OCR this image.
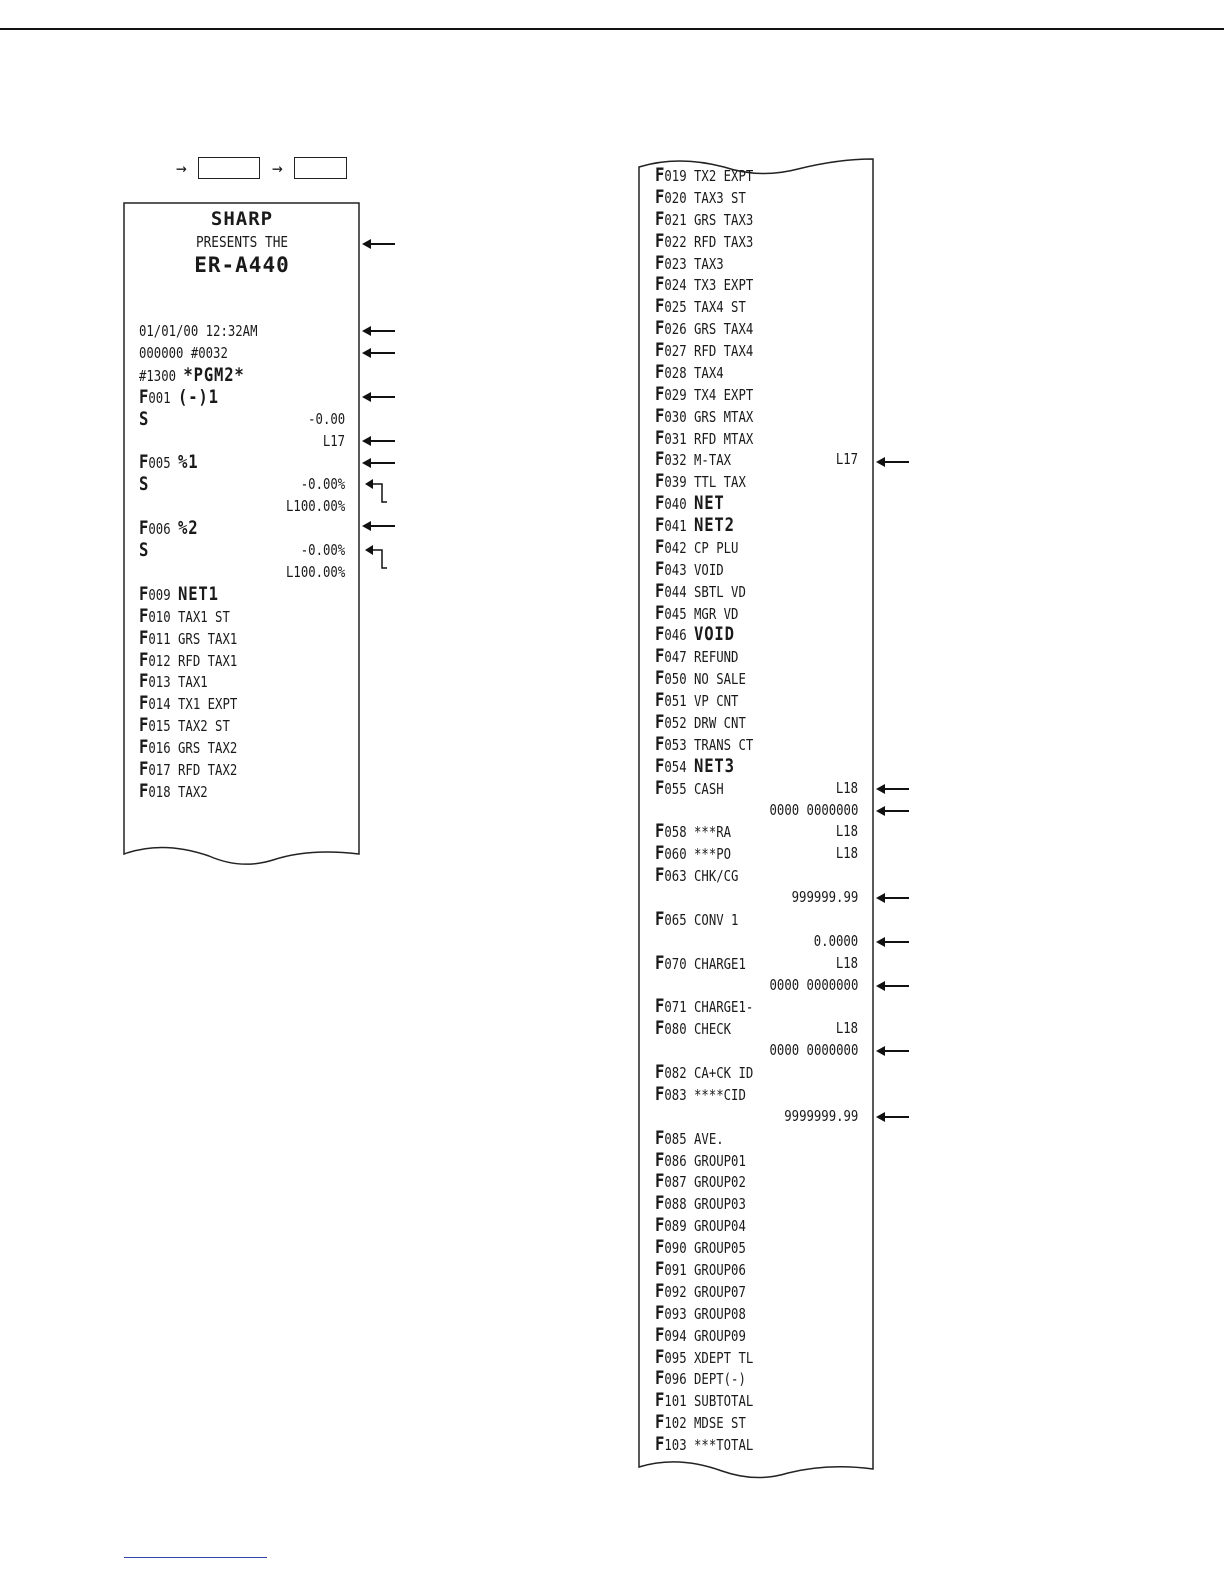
→	→
SHARP
PRESENTS THE
ER-A440
01/01/00 12:32AM
000000 #0032
#1300 *PGM2*
F001 (-)1
S	-0.00
L17
F005 %1
S	-0.00%
L100.00%
F006 %2
S	-0.00%
L100.00%
F009 NET1
F010 TAX1 ST
F011 GRS TAX1
F012 RFD TAX1
F013 TAX1
F014 TX1 EXPT
F015 TAX2 ST
F016 GRS TAX2
F017 RFD TAX2
F018 TAX2
F019 TX2 EXPT
F020 TAX3 ST
F021 GRS TAX3
F022 RFD TAX3
F023 TAX3
F024 TX3 EXPT
F025 TAX4 ST
F026 GRS TAX4
F027 RFD TAX4
F028 TAX4
F029 TX4 EXPT
F030 GRS MTAX
F031 RFD MTAX
F032 M-TAX	L17
F039 TTL TAX
F040 NET
F041 NET2
F042 CP PLU
F043 VOID
F044 SBTL VD
F045 MGR VD
F046 VOID
F047 REFUND
F050 NO SALE
F051 VP CNT
F052 DRW CNT
F053 TRANS CT
F054 NET3
F055 CASH	L18
0000 0000000
F058 ***RA	L18
F060 ***PO	L18
F063 CHK/CG
999999.99
F065 CONV 1
0.0000
F070 CHARGE1	L18
0000 0000000
F071 CHARGE1-
F080 CHECK	L18
0000 0000000
F082 CA+CK ID
F083 ****CID
9999999.99
F085 AVE.
F086 GROUP01
F087 GROUP02
F088 GROUP03
F089 GROUP04
F090 GROUP05
F091 GROUP06
F092 GROUP07
F093 GROUP08
F094 GROUP09
F095 XDEPT TL
F096 DEPT(-)
F101 SUBTOTAL
F102 MDSE ST
F103 ***TOTAL
